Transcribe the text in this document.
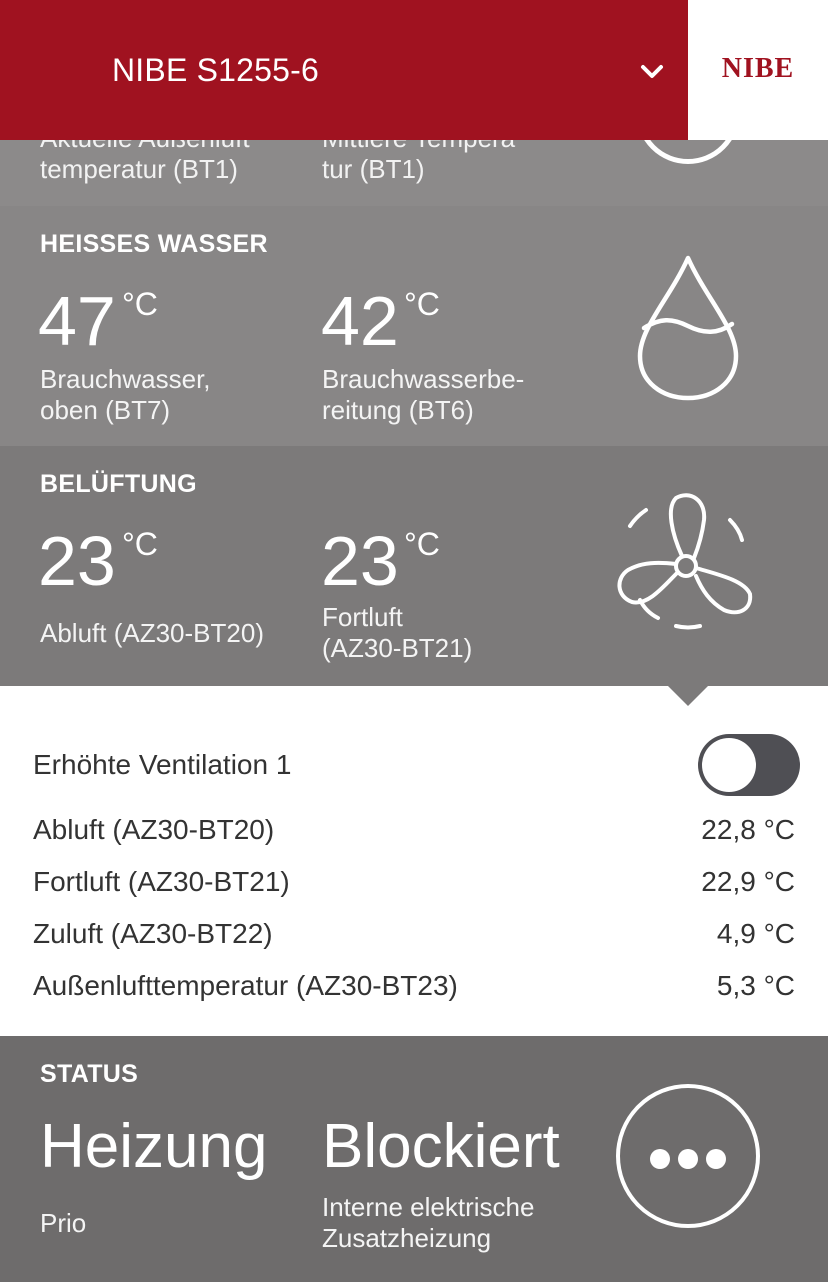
NIBE S1255-6	NIBE
temperatur (BT1)	tur (BT1)
HEISSES WASSER
47 °C
Brauchwasser,
oben (BT7)
42 °C
Brauchwasserbe-
reitung (BT6)
BELÜFTUNG
23 °C
Abluft (AZ30-BT20)
23 °C
Fortluft
(AZ30-BT21)
Erhöhte Ventilation 1
Abluft (AZ30-BT20)	22,8 °C
Fortluft (AZ30-BT21)	22,9 °C
Zuluft (AZ30-BT22)	4,9 °C
Außenlufttemperatur (AZ30-BT23)	5,3 °C
STATUS
Heizung
Prio
Blockiert
Interne elektrische
Zusatzheizung
